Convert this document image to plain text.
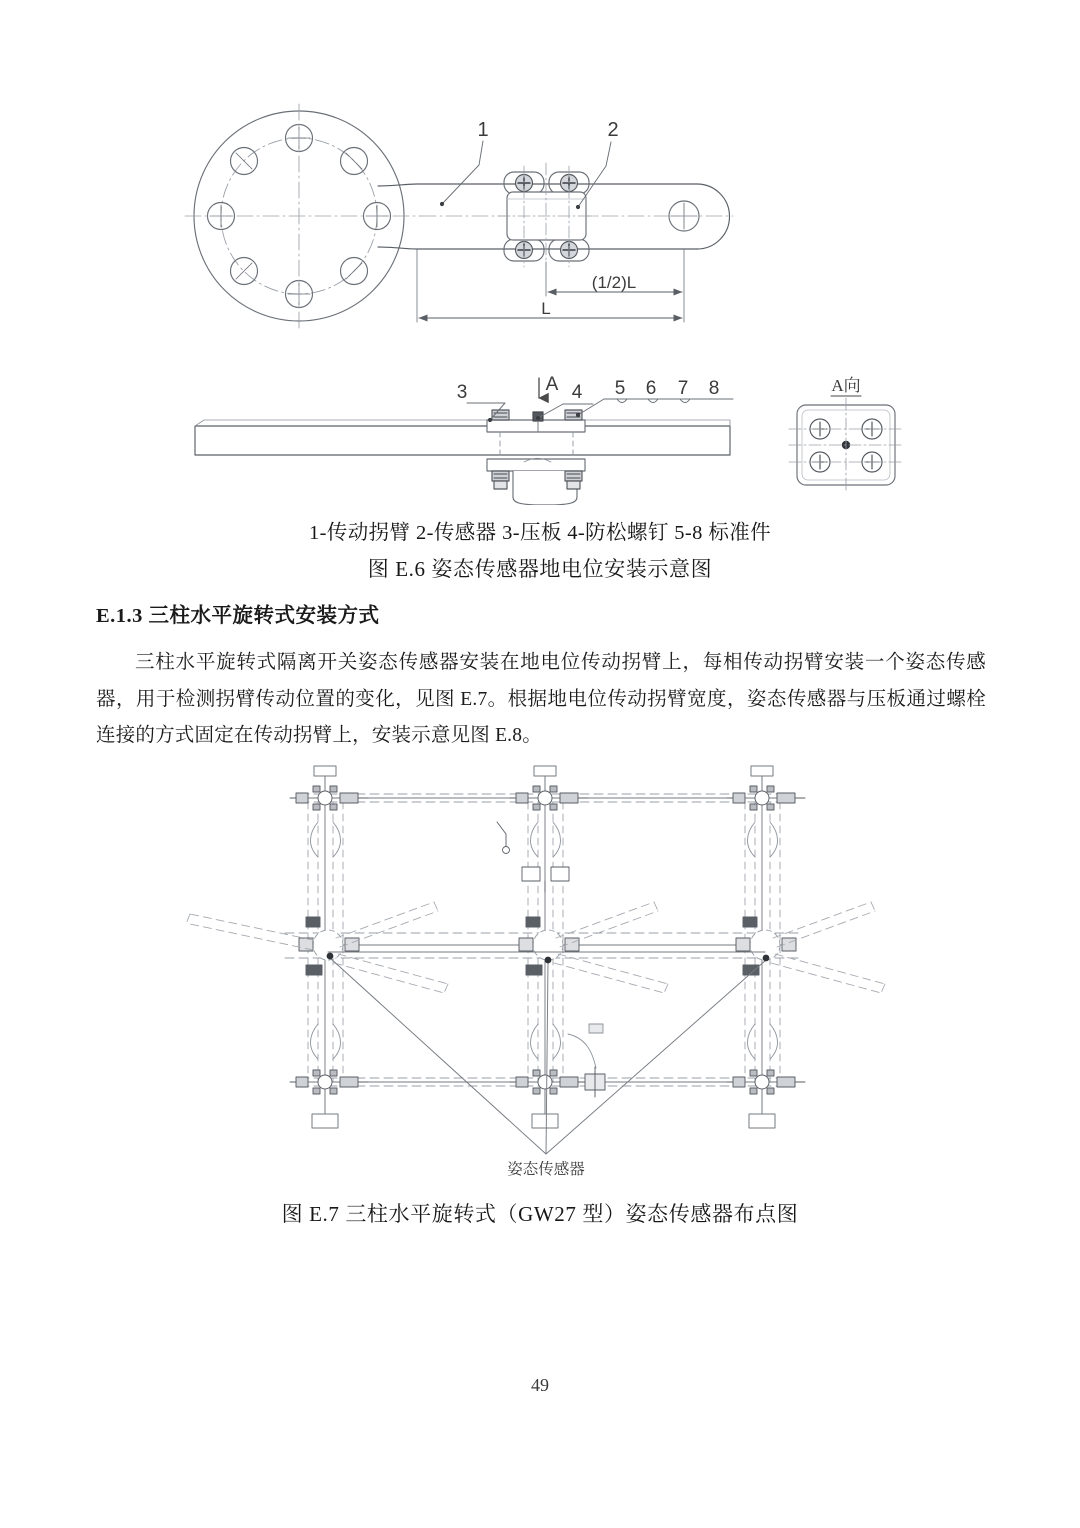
1	2
3	4 5 6 7 8
(1/2)L
L
A	A向
1-传动拐臂 2-传感器 3-压板 4-防松螺钉 5-8 标准件
图 E.6 姿态传感器地电位安装示意图
E.1.3 三柱水平旋转式安装方式
三柱水平旋转式隔离开关姿态传感器安装在地电位传动拐臂上，每相传动拐臂安装一个姿态传感器，用于检测拐臂传动位置的变化，见图 E.7。根据地电位传动拐臂宽度，姿态传感器与压板通过螺栓连接的方式固定在传动拐臂上，安装示意见图 E.8。
姿态传感器
图 E.7 三柱水平旋转式（GW27 型）姿态传感器布点图
49
